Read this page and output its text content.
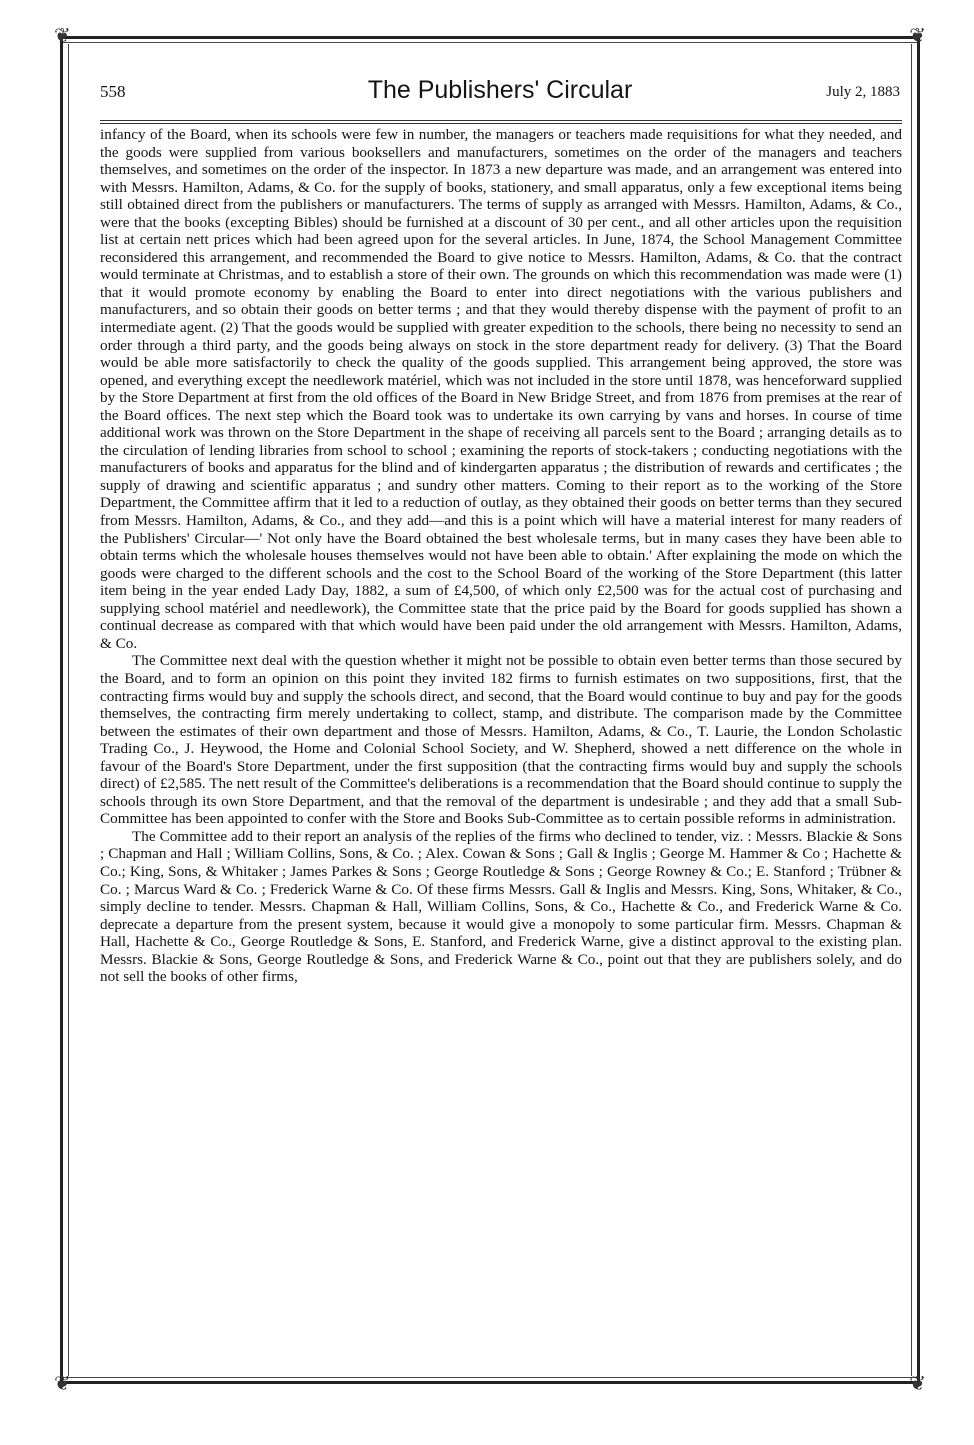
❦	❦
❦	❦
558	The Publishers' Circular	July 2, 1883

infancy of the Board, when its schools were few in number, the managers or teachers made requisitions for what they needed, and the goods were supplied from various booksellers and manufacturers, sometimes on the order of the managers and teachers themselves, and sometimes on the order of the inspector. In 1873 a new departure was made, and an arrangement was entered into with Messrs. Hamilton, Adams, & Co. for the supply of books, stationery, and small apparatus, only a few exceptional items being still obtained direct from the publishers or manufacturers. The terms of supply as arranged with Messrs. Hamilton, Adams, & Co., were that the books (excepting Bibles) should be furnished at a discount of 30 per cent., and all other articles upon the requisition list at certain nett prices which had been agreed upon for the several articles. In June, 1874, the School Management Committee reconsidered this arrangement, and recommended the Board to give notice to Messrs. Hamilton, Adams, & Co. that the contract would terminate at Christmas, and to establish a store of their own. The grounds on which this recommendation was made were (1) that it would promote economy by enabling the Board to enter into direct negotiations with the various publishers and manufacturers, and so obtain their goods on better terms ; and that they would thereby dispense with the payment of profit to an intermediate agent. (2) That the goods would be supplied with greater expedition to the schools, there being no necessity to send an order through a third party, and the goods being always on stock in the store department ready for delivery. (3) That the Board would be able more satisfactorily to check the quality of the goods supplied. This arrangement being approved, the store was opened, and everything except the needlework matériel, which was not included in the store until 1878, was henceforward supplied by the Store Department at first from the old offices of the Board in New Bridge Street, and from 1876 from premises at the rear of the Board offices. The next step which the Board took was to undertake its own carrying by vans and horses. In course of time additional work was thrown on the Store Department in the shape of receiving all parcels sent to the Board ; arranging details as to the circulation of lending libraries from school to school ; examining the reports of stock-takers ; conducting negotiations with the manufacturers of books and apparatus for the blind and of kindergarten apparatus ; the distribution of rewards and certificates ; the supply of drawing and scientific apparatus ; and sundry other matters. Coming to their report as to the working of the Store Department, the Committee affirm that it led to a reduction of outlay, as they obtained their goods on better terms than they secured from Messrs. Hamilton, Adams, & Co., and they add—and this is a point which will have a material interest for many readers of the Publishers' Circular—' Not only have the Board obtained the best wholesale terms, but in many cases they have been able to obtain terms which the wholesale houses themselves would not have been able to obtain.' After explaining the mode on which the goods were charged to the different schools and the cost to the School Board of the working of the Store Department (this latter item being in the year ended Lady Day, 1882, a sum of £4,500, of which only £2,500 was for the actual cost of purchasing and supplying school matériel and needlework), the Committee state that the price paid by the Board for goods supplied has shown a continual decrease as compared with that which would have been paid under the old arrangement with Messrs. Hamilton, Adams, & Co.

The Committee next deal with the question whether it might not be possible to obtain even better terms than those secured by the Board, and to form an opinion on this point they invited 182 firms to furnish estimates on two suppositions, first, that the contracting firms would buy and supply the schools direct, and second, that the Board would continue to buy and pay for the goods themselves, the contracting firm merely undertaking to collect, stamp, and distribute. The comparison made by the Committee between the estimates of their own department and those of Messrs. Hamilton, Adams, & Co., T. Laurie, the London Scholastic Trading Co., J. Heywood, the Home and Colonial School Society, and W. Shepherd, showed a nett difference on the whole in favour of the Board's Store Department, under the first supposition (that the contracting firms would buy and supply the schools direct) of £2,585. The nett result of the Committee's deliberations is a recommendation that the Board should continue to supply the schools through its own Store Department, and that the removal of the department is undesirable ; and they add that a small Sub-Committee has been appointed to confer with the Store and Books Sub-Committee as to certain possible reforms in administration.

The Committee add to their report an analysis of the replies of the firms who declined to tender, viz. : Messrs. Blackie & Sons ; Chapman and Hall ; William Collins, Sons, & Co. ; Alex. Cowan & Sons ; Gall & Inglis ; George M. Hammer & Co ; Hachette & Co.; King, Sons, & Whitaker ; James Parkes & Sons ; George Routledge & Sons ; George Rowney & Co.; E. Stanford ; Trübner & Co. ; Marcus Ward & Co. ; Frederick Warne & Co. Of these firms Messrs. Gall & Inglis and Messrs. King, Sons, Whitaker, & Co., simply decline to tender. Messrs. Chapman & Hall, William Collins, Sons, & Co., Hachette & Co., and Frederick Warne & Co. deprecate a departure from the present system, because it would give a monopoly to some particular firm. Messrs. Chapman & Hall, Hachette & Co., George Routledge & Sons, E. Stanford, and Frederick Warne, give a distinct approval to the existing plan. Messrs. Blackie & Sons, George Routledge & Sons, and Frederick Warne & Co., point out that they are publishers solely, and do not sell the books of other firms,
